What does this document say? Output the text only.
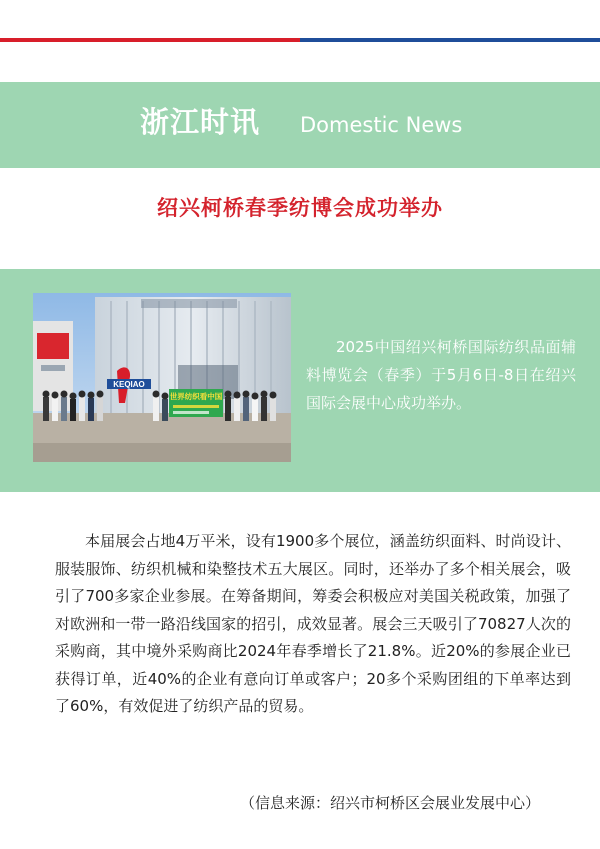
浙江时讯 Domestic News
绍兴柯桥春季纺博会成功举办
KEQIAO
世界纺织看中国
2025中国绍兴柯桥国际纺织品面辅料博览会（春季）于5月6日-8日在绍兴国际会展中心成功举办。

本届展会占地4万平米，设有1900多个展位，涵盖纺织面料、时尚设计、服装服饰、纺织机械和染整技术五大展区。同时，还举办了多个相关展会，吸引了700多家企业参展。在筹备期间，筹委会积极应对美国关税政策，加强了对欧洲和一带一路沿线国家的招引，成效显著。展会三天吸引了70827人次的采购商，其中境外采购商比2024年春季增长了21.8%。近20%的参展企业已获得订单，近40%的企业有意向订单或客户；20多个采购团组的下单率达到了60%，有效促进了纺织产品的贸易。

（信息来源：绍兴市柯桥区会展业发展中心）
